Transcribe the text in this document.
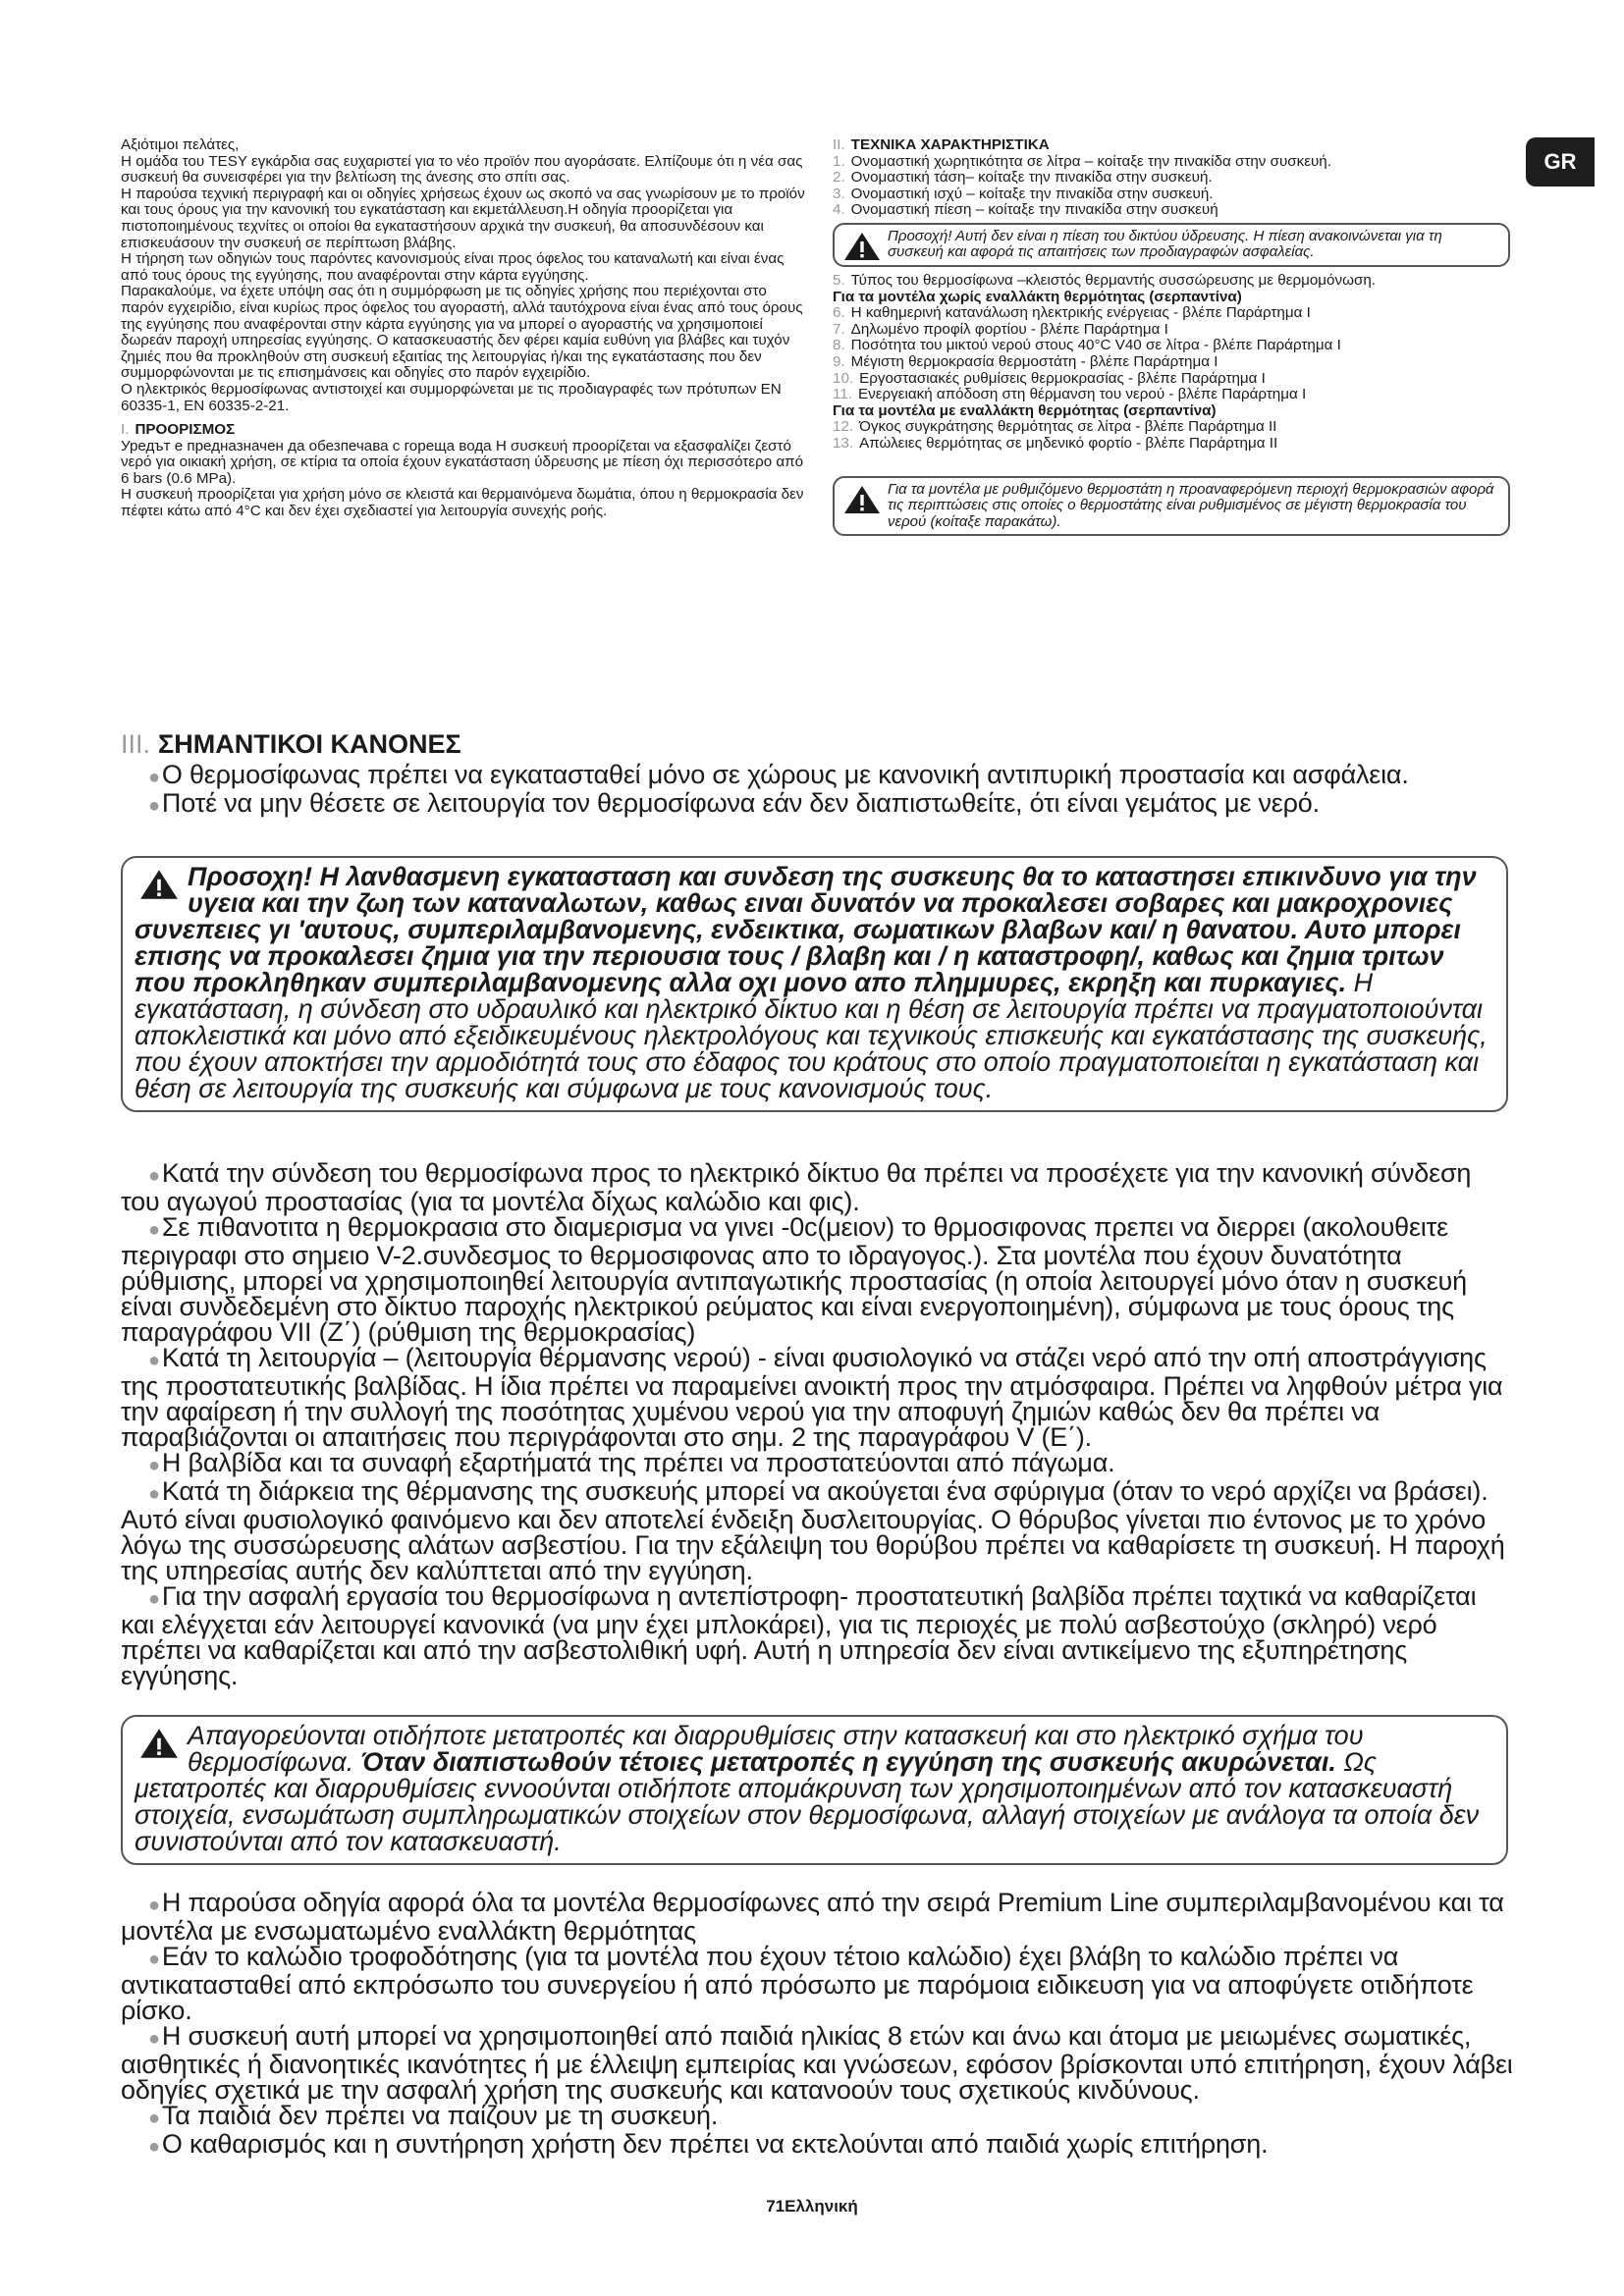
GR

Αξιότιμοι πελάτες,

Η ομάδα του TESY εγκάρδια σας ευχαριστεί για το νέο προϊόν που αγοράσατε. Ελπίζουμε ότι η νέα σας συσκευή θα συνεισφέρει για την βελτίωση της άνεσης στο σπίτι σας.

Η παρούσα τεχνική περιγραφή και οι οδηγίες χρήσεως έχουν ως σκοπό να σας γνωρίσουν με το προϊόν και τους όρους για την κανονική του εγκατάσταση και εκμετάλλευση.Η οδηγία προορίζεται για πιστοποιημένους τεχνίτες οι οποίοι θα εγκαταστήσουν αρχικά την συσκευή, θα αποσυνδέσουν και επισκευάσουν την συσκευή σε περίπτωση βλάβης.

Η τήρηση των οδηγιών τους παρόντες κανονισμούς είναι προς όφελος του καταναλωτή και είναι ένας από τους όρους της εγγύησης, που αναφέρονται στην κάρτα εγγύησης.

Παρακαλούμε, να έχετε υπόψη σας ότι η συμμόρφωση με τις οδηγίες χρήσης που περιέχονται στο παρόν εγχειρίδιο, είναι κυρίως προς όφελος του αγοραστή, αλλά ταυτόχρονα είναι ένας από τους όρους της εγγύησης που αναφέρονται στην κάρτα εγγύησης για να μπορεί ο αγοραστής να χρησιμοποιεί δωρεάν παροχή υπηρεσίας εγγύησης. Ο κατασκευαστής δεν φέρει καμία ευθύνη για βλάβες και τυχόν ζημιές που θα προκληθούν στη συσκευή εξαιτίας της λειτουργίας ή/και της εγκατάστασης που δεν συμμορφώνονται με τις επισημάνσεις και οδηγίες στο παρόν εγχειρίδιο.

Ο ηλεκτρικός θερμοσίφωνας αντιστοιχεί και συμμορφώνεται με τις προδιαγραφές των πρότυπων EN 60335-1, EN 60335-2-21.

I. ΠΡΟΟΡΙΣΜΟΣ

Уредът е предназначен да обезпечава с гореща вода Η συσκευή προορίζεται να εξασφαλίζει ζεστό νερό για οικιακή χρήση, σε κτίρια τα οποία έχουν εγκατάσταση ύδρευσης με πίεση όχι περισσότερο από 6 bars (0.6 MPa).

Η συσκευή προορίζεται για χρήση μόνο σε κλειστά και θερμαινόμενα δωμάτια, όπου η θερμοκρασία δεν πέφτει κάτω από 4°C και δεν έχει σχεδιαστεί για λειτουργία συνεχής ροής.

II. ΤΕΧΝΙΚΑ ΧΑΡΑΚΤΗΡΙΣΤΙΚΑ
1. Ονομαστική χωρητικότητα σε λίτρα – κοίταξε την πινακίδα στην συσκευή.
2. Ονομαστική τάση– κοίταξε την πινακίδα στην συσκευή.
3. Ονομαστική ισχύ – κοίταξε την πινακίδα στην συσκευή.
4. Ονομαστική πίεση – κοίταξε την πινακίδα στην συσκευή
Προσοχή! Αυτή δεν είναι η πίεση του δικτύου ύδρευσης. Η πίεση ανακοινώνεται για τη συσκευή και αφορά τις απαιτήσεις των προδιαγραφών ασφαλείας.
5. Τύπος του θερμοσίφωνα –κλειστός θερμαντής συσσώρευσης με θερμομόνωση.

Για τα μοντέλα χωρίς εναλλάκτη θερμότητας (σερπαντίνα)

6. Η καθημερινή κατανάλωση ηλεκτρικής ενέργειας - βλέπε Παράρτημα I
7. Δηλωμένο προφίλ φορτίου - βλέπε Παράρτημα I
8. Ποσότητα του μικτού νερού στους 40°C V40 σε λίτρα - βλέπε Παράρτημα I
9. Μέγιστη θερμοκρασία θερμοστάτη - βλέπε Παράρτημα I
10. Εργοστασιακές ρυθμίσεις θερμοκρασίας - βλέπε Παράρτημα I
11. Ενεργειακή απόδοση στη θέρμανση του νερού - βλέπε Παράρτημα I

Για τα μοντέλα με εναλλάκτη θερμότητας (σερπαντίνα)

12. Όγκος συγκράτησης θερμότητας σε λίτρα - βλέπε Παράρτημα II
13. Απώλειες θερμότητας σε μηδενικό φορτίο - βλέπε Παράρτημα II
Για τα μοντέλα με ρυθμιζόμενο θερμοστάτη η προαναφερόμενη περιοχή θερμοκρασιών αφορά τις περιπτώσεις στις οποίες ο θερμοστάτης είναι ρυθμισμένος σε μέγιστη θερμοκρασία του νερού (κοίταξε παρακάτω).
III. ΣΗΜΑΝΤΙΚΟΙ ΚΑΝΟΝΕΣ

●Ο θερμοσίφωνας πρέπει να εγκατασταθεί μόνο σε χώρους με κανονική αντιπυρική προστασία και ασφάλεια.

●Ποτέ να μην θέσετε σε λειτουργία τον θερμοσίφωνα εάν δεν διαπιστωθείτε, ότι είναι γεμάτος με νερό.

Προσοχη! Η λανθασμενη εγκατασταση και συνδεση της συσκευης θα το καταστησει επικινδυνο για την υγεια και την ζωη των καταναλωτων, καθως ειναι δυνατόν να προκαλεσει σοβαρες και μακροχρονιες συνεπειες γι 'αυτους, συμπεριλαμβανομενης, ενδεικτικα, σωματικων βλαβων και/ η θανατου. Αυτο μπορει επισης να προκαλεσει ζημια για την περιουσια τους / βλαβη και / η καταστροφη/, καθως και ζημια τριτων που προκληθηκαν συμπεριλαμβανομενης αλλα οχι μονο απο πλημμυρες, εκρηξη και πυρκαγιες. Η εγκατάσταση, η σύνδεση στο υδραυλικό και ηλεκτρικό δίκτυο και η θέση σε λειτουργία πρέπει να πραγματοποιούνται αποκλειστικά και μόνο από εξειδικευμένους ηλεκτρολόγους και τεχνικούς επισκευής και εγκατάστασης της συσκευής, που έχουν αποκτήσει την αρμοδιότητά τους στο έδαφος του κράτους στο οποίο πραγματοποιείται η εγκατάσταση και θέση σε λειτουργία της συσκευής και σύμφωνα με τους κανονισμούς τους.

●Κατά την σύνδεση του θερμοσίφωνα προς το ηλεκτρικό δίκτυο θα πρέπει να προσέχετε για την κανονική σύνδεση του αγωγού προστασίας (για τα μοντέλα δίχως καλώδιο και φις).

●Σε πιθανοτιτα η θερμοκρασια στο διαμερισμα να γινει -0c(μειον) το θρμοσιφονας πρεπει να διερρει (ακολουθειτε περιγραφι στο σημειο V-2.συνδεσμος το θερμοσιφονας απο το ιδραγογος.). Στα μοντέλα που έχουν δυνατότητα ρύθμισης, μπορεί να χρησιμοποιηθεί λειτουργία αντιπαγωτικής προστασίας (η οποία λειτουργεί μόνο όταν η συσκευή είναι συνδεδεμένη στο δίκτυο παροχής ηλεκτρικού ρεύματος και είναι ενεργοποιημένη), σύμφωνα με τους όρους της παραγράφου VII (Z΄) (ρύθμιση της θερμοκρασίας)

●Κατά τη λειτουργία – (λειτουργία θέρμανσης νερού) - είναι φυσιολογικό να στάζει νερό από την οπή αποστράγγισης της προστατευτικής βαλβίδας. Η ίδια πρέπει να παραμείνει ανοικτή προς την ατμόσφαιρα. Πρέπει να ληφθούν μέτρα για την αφαίρεση ή την συλλογή της ποσότητας χυμένου νερού για την αποφυγή ζημιών καθώς δεν θα πρέπει να παραβιάζονται οι απαιτήσεις που περιγράφονται στο σημ. 2 της παραγράφου V (Ε΄).

●Η βαλβίδα και τα συναφή εξαρτήματά της πρέπει να προστατεύονται από πάγωμα.

●Κατά τη διάρκεια της θέρμανσης της συσκευής μπορεί να ακούγεται ένα σφύριγμα (όταν το νερό αρχίζει να βράσει). Αυτό είναι φυσιολογικό φαινόμενο και δεν αποτελεί ένδειξη δυσλειτουργίας. Ο θόρυβος γίνεται πιο έντονος με το χρόνο λόγω της συσσώρευσης αλάτων ασβεστίου. Για την εξάλειψη του θορύβου πρέπει να καθαρίσετε τη συσκευή. Η παροχή της υπηρεσίας αυτής δεν καλύπτεται από την εγγύηση.

●Για την ασφαλή εργασία του θερμοσίφωνα η αντεπίστροφη- προστατευτική βαλβίδα πρέπει ταχτικά να καθαρίζεται και ελέγχεται εάν λειτουργεί κανονικά (να μην έχει μπλοκάρει), για τις περιοχές με πολύ ασβεστούχο (σκληρό) νερό πρέπει να καθαρίζεται και από την ασβεστολιθική υφή. Αυτή η υπηρεσία δεν είναι αντικείμενο της εξυπηρέτησης εγγύησης.

Απαγορεύονται οτιδήποτε μετατροπές και διαρρυθμίσεις στην κατασκευή και στο ηλεκτρικό σχήμα του θερμοσίφωνα. Όταν διαπιστωθούν τέτοιες μετατροπές η εγγύηση της συσκευής ακυρώνεται. Ως μετατροπές και διαρρυθμίσεις εννοούνται οτιδήποτε απομάκρυνση των χρησιμοποιημένων από τον κατασκευαστή στοιχεία, ενσωμάτωση συμπληρωματικών στοιχείων στον θερμοσίφωνα, αλλαγή στοιχείων με ανάλογα τα οποία δεν συνιστούνται από τον κατασκευαστή.

●Η παρούσα οδηγία αφορά όλα τα μοντέλα θερμοσίφωνες από την σειρά Premium Line συμπεριλαμβανομένου και τα μοντέλα με ενσωματωμένο εναλλάκτη θερμότητας

●Εάν το καλώδιο τροφοδότησης (για τα μοντέλα που έχουν τέτοιο καλώδιο) έχει βλάβη το καλώδιο πρέπει να αντικατασταθεί από εκπρόσωπο του συνεργείου ή από πρόσωπο με παρόμοια ειδικευση για να αποφύγετε οτιδήποτε ρίσκο.

●Η συσκευή αυτή μπορεί να χρησιμοποιηθεί από παιδιά ηλικίας 8 ετών και άνω και άτομα με μειωμένες σωματικές, αισθητικές ή διανοητικές ικανότητες ή με έλλειψη εμπειρίας και γνώσεων, εφόσον βρίσκονται υπό επιτήρηση, έχουν λάβει οδηγίες σχετικά με την ασφαλή χρήση της συσκευής και κατανοούν τους σχετικούς κινδύνους.

●Τα παιδιά δεν πρέπει να παίζουν με τη συσκευή.

●Ο καθαρισμός και η συντήρηση χρήστη δεν πρέπει να εκτελούνται από παιδιά χωρίς επιτήρηση.

71Ελληνική
